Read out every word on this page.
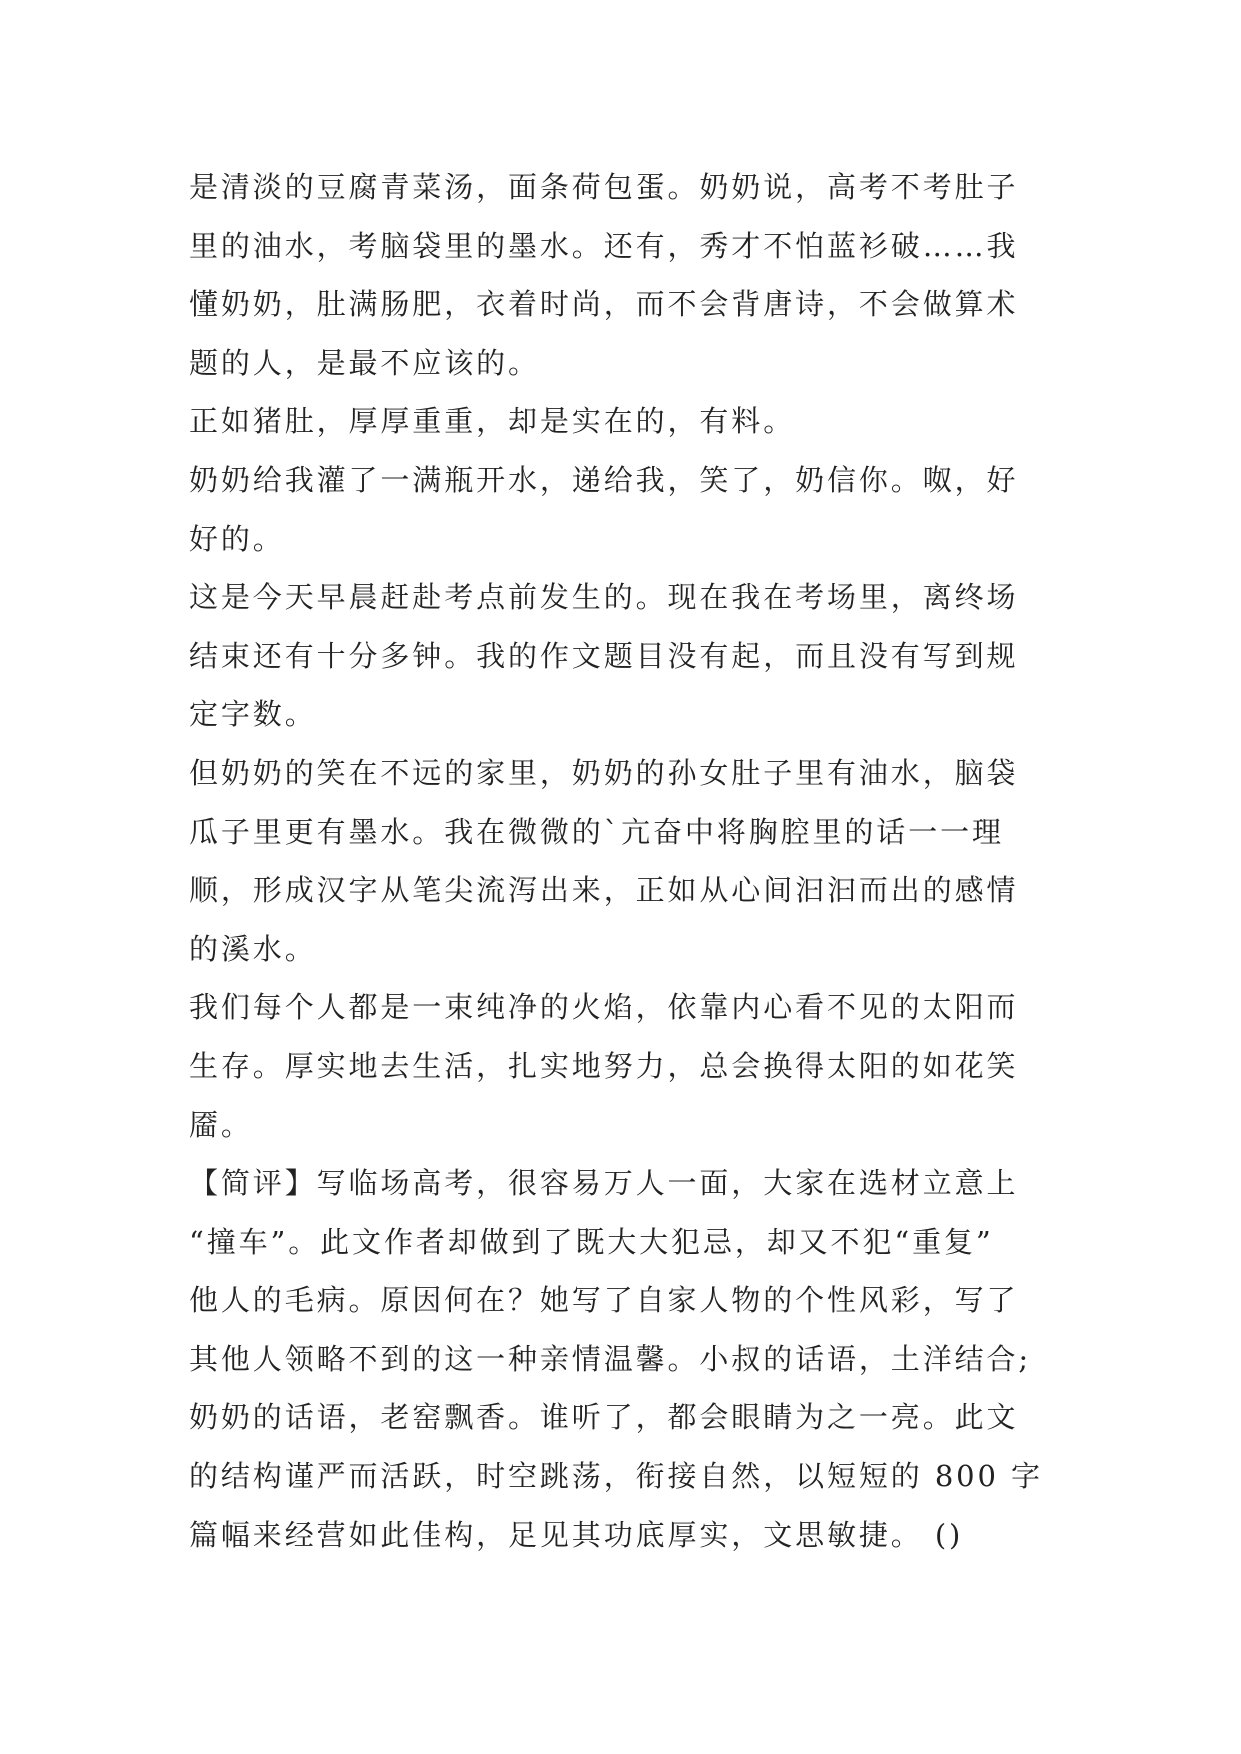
是清淡的豆腐青菜汤，面条荷包蛋。奶奶说，高考不考肚子
里的油水，考脑袋里的墨水。还有，秀才不怕蓝衫破……我
懂奶奶，肚满肠肥，衣着时尚，而不会背唐诗，不会做算术
题的人，是最不应该的。
正如猪肚，厚厚重重，却是实在的，有料。
奶奶给我灌了一满瓶开水，递给我，笑了，奶信你。呶，好
好的。
这是今天早晨赶赴考点前发生的。现在我在考场里，离终场
结束还有十分多钟。我的作文题目没有起，而且没有写到规
定字数。
但奶奶的笑在不远的家里，奶奶的孙女肚子里有油水，脑袋
瓜子里更有墨水。我在微微的`亢奋中将胸腔里的话一一理
顺，形成汉字从笔尖流泻出来，正如从心间汩汩而出的感情
的溪水。
我们每个人都是一束纯净的火焰，依靠内心看不见的太阳而
生存。厚实地去生活，扎实地努力，总会换得太阳的如花笑
靥。
【简评】写临场高考，很容易万人一面，大家在选材立意上
“撞车”。此文作者却做到了既大大犯忌，却又不犯“重复”
他人的毛病。原因何在？她写了自家人物的个性风彩，写了
其他人领略不到的这一种亲情温馨。小叔的话语，土洋结合;
奶奶的话语，老窑飘香。谁听了，都会眼睛为之一亮。此文
的结构谨严而活跃，时空跳荡，衔接自然，以短短的 800 字
篇幅来经营如此佳构，足见其功底厚实，文思敏捷。 ()
